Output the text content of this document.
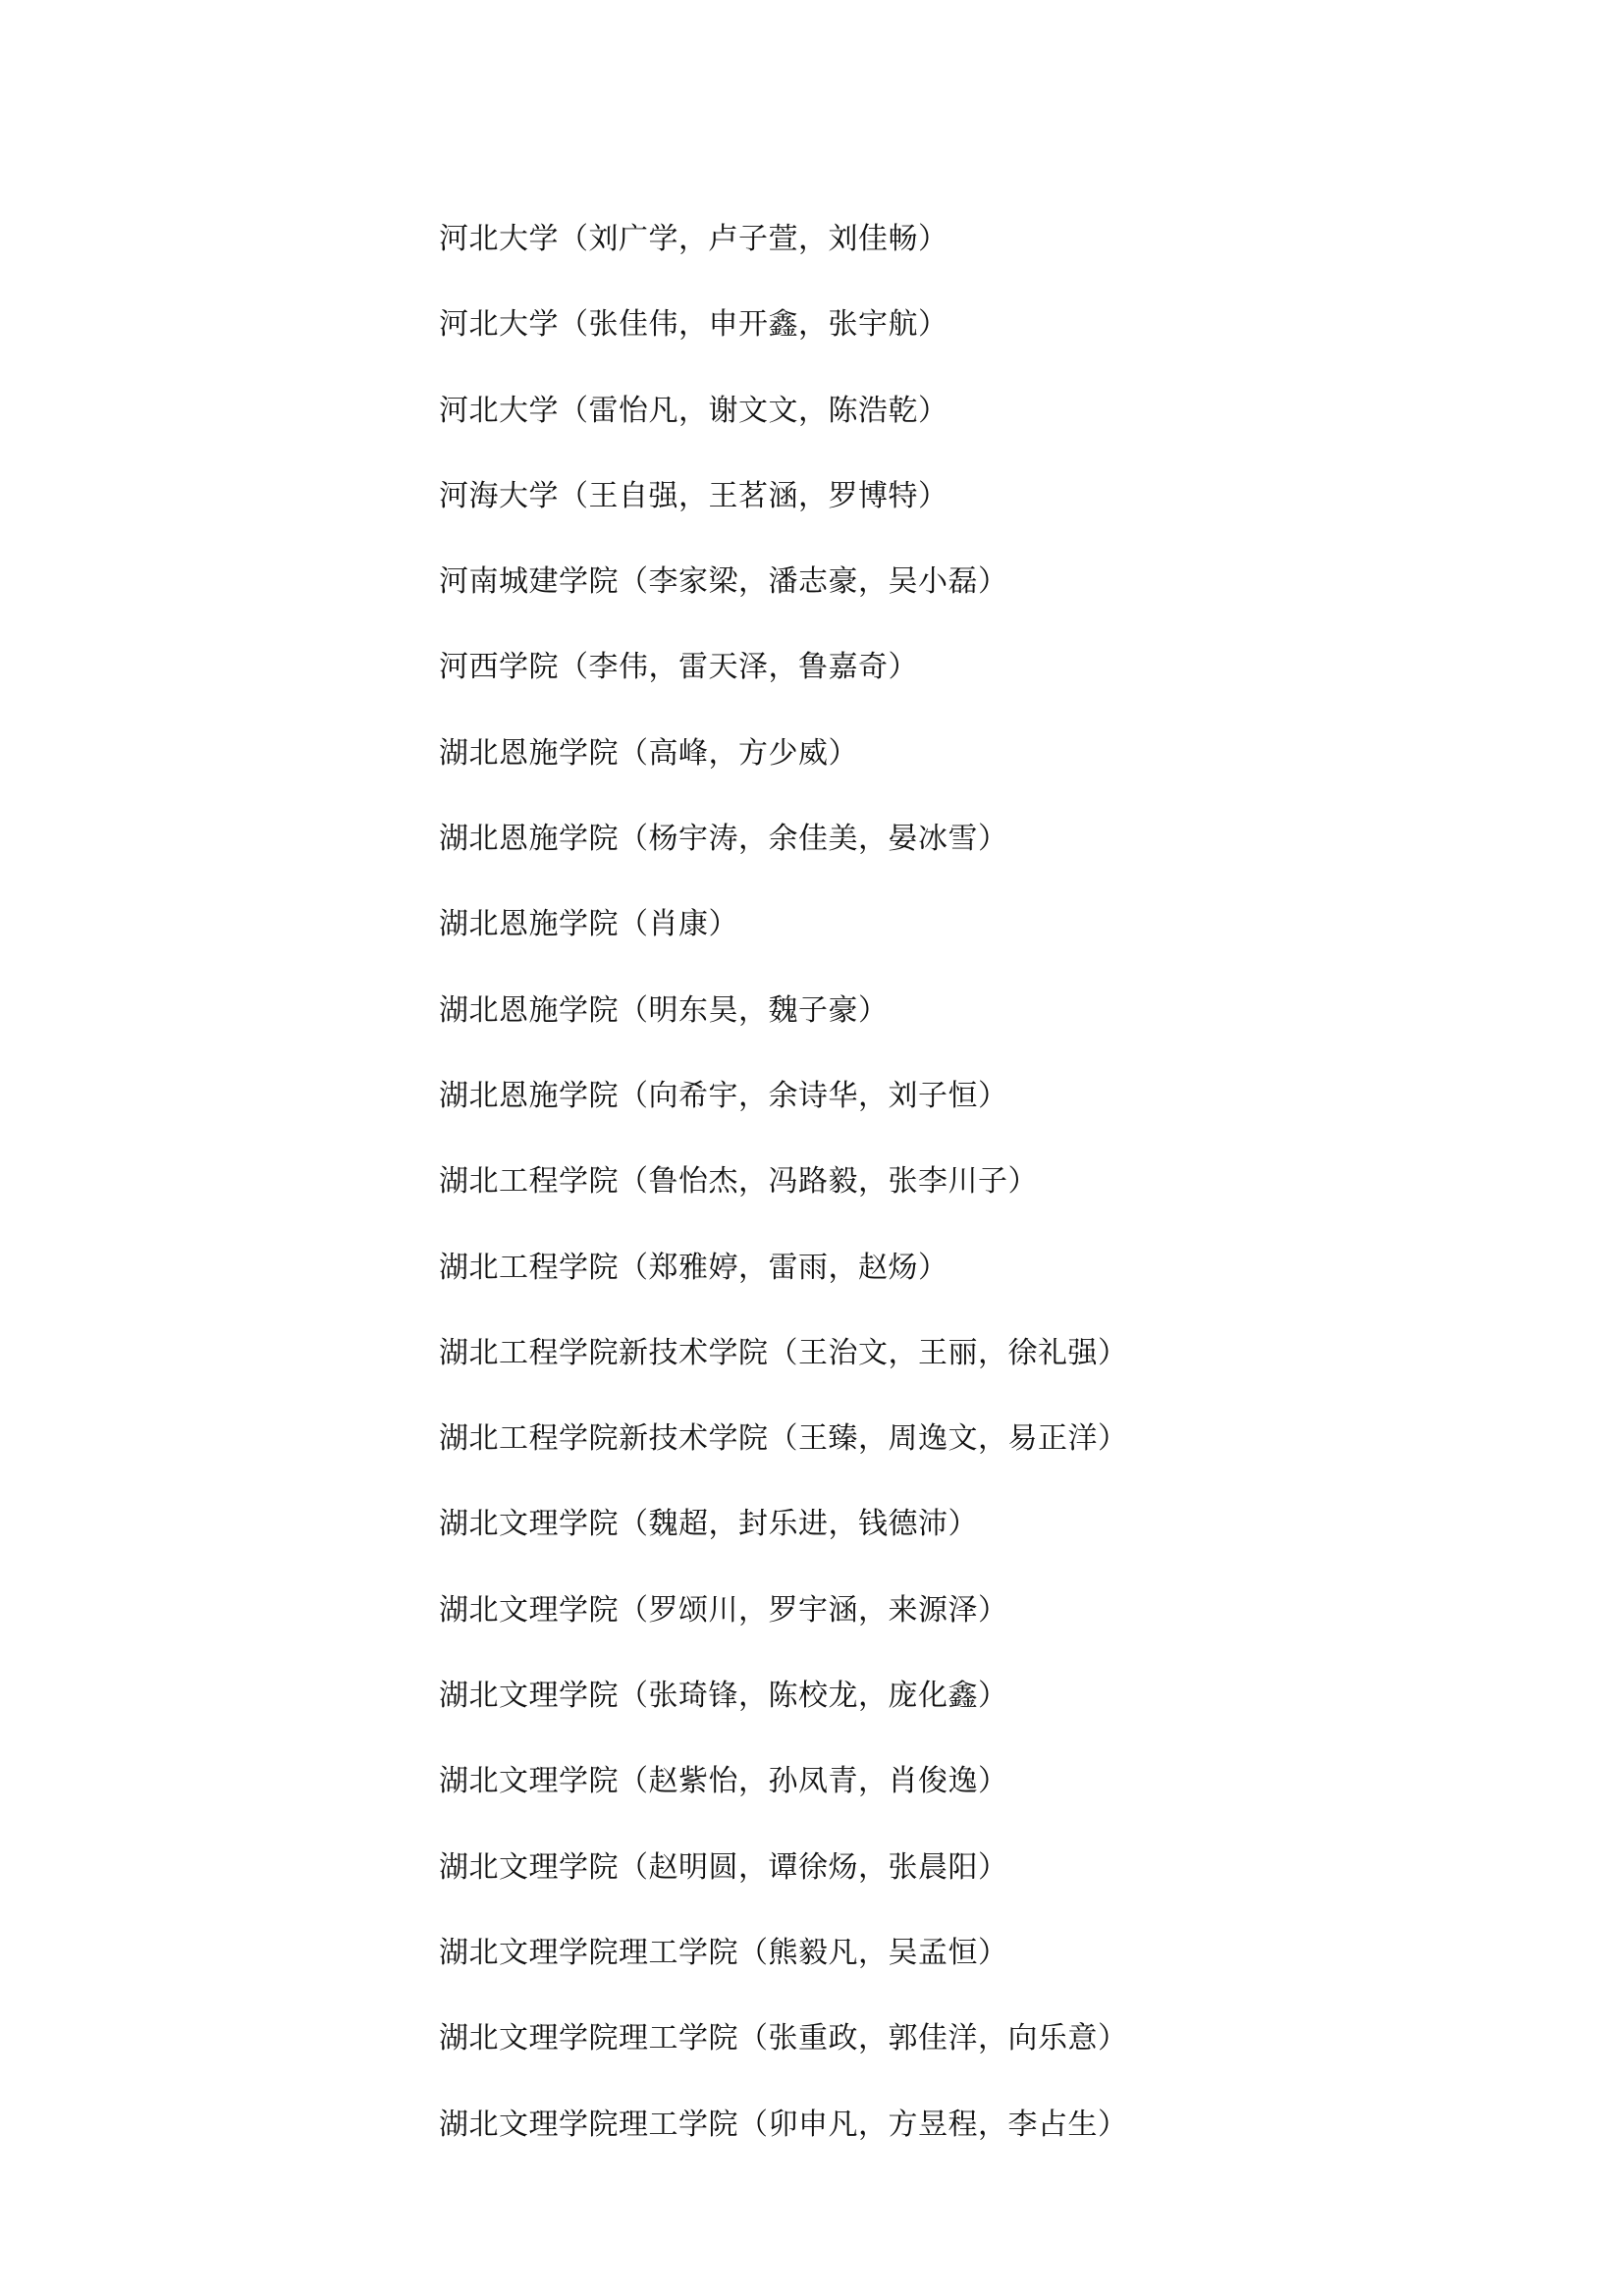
河北大学（刘广学，卢子萱，刘佳畅）
河北大学（张佳伟，申开鑫，张宇航）
河北大学（雷怡凡，谢文文，陈浩乾）
河海大学（王自强，王茗涵，罗博特）
河南城建学院（李家梁，潘志豪，吴小磊）
河西学院（李伟，雷天泽，鲁嘉奇）
湖北恩施学院（高峰，方少威）
湖北恩施学院（杨宇涛，余佳美，晏冰雪）
湖北恩施学院（肖康）
湖北恩施学院（明东昊，魏子豪）
湖北恩施学院（向希宇，余诗华，刘子恒）
湖北工程学院（鲁怡杰，冯路毅，张李川子）
湖北工程学院（郑雅婷，雷雨，赵炀）
湖北工程学院新技术学院（王治文，王丽，徐礼强）
湖北工程学院新技术学院（王臻，周逸文，易正洋）
湖北文理学院（魏超，封乐进，钱德沛）
湖北文理学院（罗颂川，罗宇涵，来源泽）
湖北文理学院（张琦锋，陈校龙，庞化鑫）
湖北文理学院（赵紫怡，孙凤青，肖俊逸）
湖北文理学院（赵明圆，谭徐炀，张晨阳）
湖北文理学院理工学院（熊毅凡，吴孟恒）
湖北文理学院理工学院（张重政，郭佳洋，向乐意）
湖北文理学院理工学院（卯申凡，方昱程，李占生）
